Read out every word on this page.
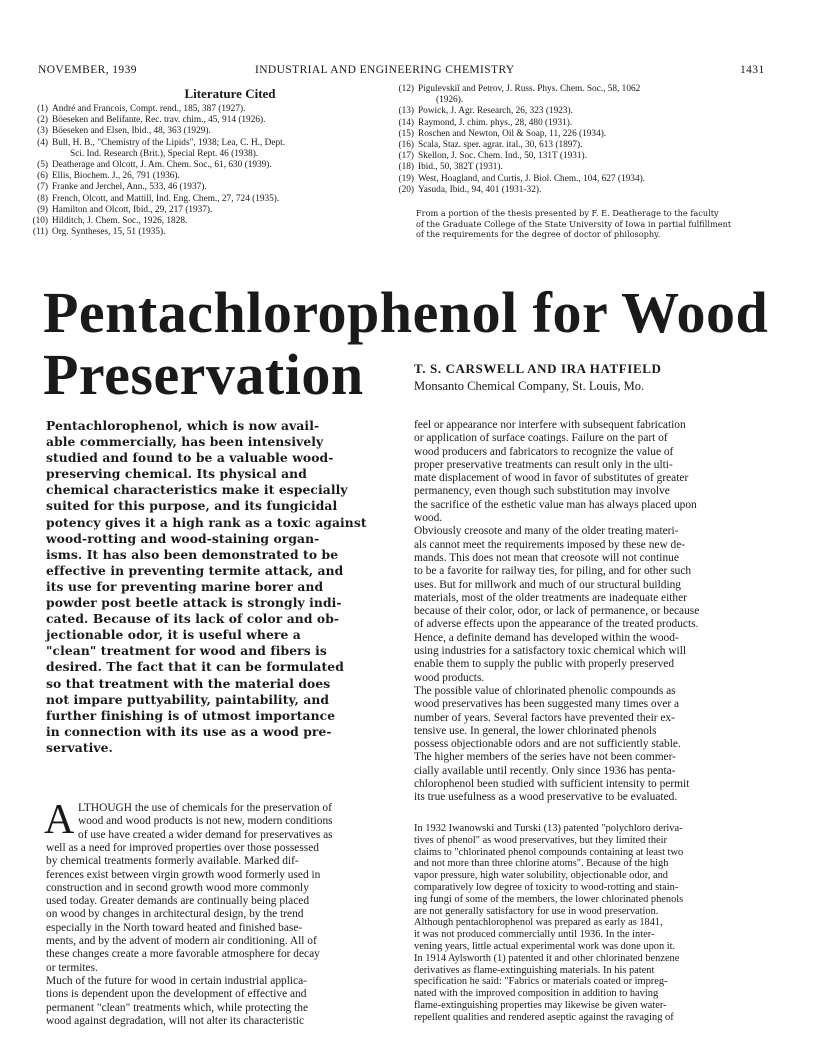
NOVEMBER, 1939	INDUSTRIAL AND ENGINEERING CHEMISTRY	1431
Literature Cited
(1) André and Francois, Compt. rend., 185, 387 (1927).
(2) Böeseken and Belifante, Rec. trav. chim., 45, 914 (1926).
(3) Böeseken and Elsen, Ibid., 48, 363 (1929).
(4) Bull, H. B., "Chemistry of the Lipids", 1938; Lea, C. H., Dept.
Sci. Ind. Research (Brit.), Special Rept. 46 (1938).
(5) Deatherage and Olcott, J. Am. Chem. Soc., 61, 630 (1939).
(6) Ellis, Biochem. J., 26, 791 (1936).
(7) Franke and Jerchel, Ann., 533, 46 (1937).
(8) French, Olcott, and Mattill, Ind. Eng. Chem., 27, 724 (1935).
(9) Hamilton and Olcott, Ibid., 29, 217 (1937).
(10) Hilditch, J. Chem. Soc., 1926, 1828.
(11) Org. Syntheses, 15, 51 (1935).
(12) Pigulevskiĭ and Petrov, J. Russ. Phys. Chem. Soc., 58, 1062
(1926).
(13) Powick, J. Agr. Research, 26, 323 (1923).
(14) Raymond, J. chim. phys., 28, 480 (1931).
(15) Roschen and Newton, Oil & Soap, 11, 226 (1934).
(16) Scala, Staz. sper. agrar. ital., 30, 613 (1897).
(17) Skellon, J. Soc. Chem. Ind., 50, 131T (1931).
(18) Ibid., 50, 382T (1931).
(19) West, Hoagland, and Curtis, J. Biol. Chem., 104, 627 (1934).
(20) Yasuda, Ibid., 94, 401 (1931-32).
From a portion of the thesis presented by F. E. Deatherage to the faculty
of the Graduate College of the State University of Iowa in partial fulfillment
of the requirements for the degree of doctor of philosophy.
Pentachlorophenol for Wood
Preservation	T. S. CARSWELL AND IRA HATFIELD
Monsanto Chemical Company, St. Louis, Mo.
Pentachlorophenol, which is now avail-
able commercially, has been intensively
studied and found to be a valuable wood-
preserving chemical. Its physical and
chemical characteristics make it especially
suited for this purpose, and its fungicidal
potency gives it a high rank as a toxic against
wood-rotting and wood-staining organ-
isms. It has also been demonstrated to be
effective in preventing termite attack, and
its use for preventing marine borer and
powder post beetle attack is strongly indi-
cated. Because of its lack of color and ob-
jectionable odor, it is useful where a
"clean" treatment for wood and fibers is
desired. The fact that it can be formulated
so that treatment with the material does
not impare puttyability, paintability, and
further finishing is of utmost importance
in connection with its use as a wood pre-
servative.
A LTHOUGH the use of chemicals for the preservation of
wood and wood products is not new, modern conditions
of use have created a wider demand for preservatives as
well as a need for improved properties over those possessed
by chemical treatments formerly available. Marked dif-
ferences exist between virgin growth wood formerly used in
construction and in second growth wood more commonly
used today. Greater demands are continually being placed
on wood by changes in architectural design, by the trend
especially in the North toward heated and finished base-
ments, and by the advent of modern air conditioning. All of
these changes create a more favorable atmosphere for decay
or termites.
Much of the future for wood in certain industrial applica-
tions is dependent upon the development of effective and
permanent "clean" treatments which, while protecting the
wood against degradation, will not alter its characteristic
feel or appearance nor interfere with subsequent fabrication
or application of surface coatings. Failure on the part of
wood producers and fabricators to recognize the value of
proper preservative treatments can result only in the ulti-
mate displacement of wood in favor of substitutes of greater
permanency, even though such substitution may involve
the sacrifice of the esthetic value man has always placed upon
wood.
Obviously creosote and many of the older treating materi-
als cannot meet the requirements imposed by these new de-
mands. This does not mean that creosote will not continue
to be a favorite for railway ties, for piling, and for other such
uses. But for millwork and much of our structural building
materials, most of the older treatments are inadequate either
because of their color, odor, or lack of permanence, or because
of adverse effects upon the appearance of the treated products.
Hence, a definite demand has developed within the wood-
using industries for a satisfactory toxic chemical which will
enable them to supply the public with properly preserved
wood products.
The possible value of chlorinated phenolic compounds as
wood preservatives has been suggested many times over a
number of years. Several factors have prevented their ex-
tensive use. In general, the lower chlorinated phenols
possess objectionable odors and are not sufficiently stable.
The higher members of the series have not been commer-
cially available until recently. Only since 1936 has penta-
chlorophenol been studied with sufficient intensity to permit
its true usefulness as a wood preservative to be evaluated.
In 1932 Iwanowski and Turski (13) patented "polychloro deriva-
tives of phenol" as wood preservatives, but they limited their
claims to "chlorinated phenol compounds containing at least two
and not more than three chlorine atoms". Because of the high
vapor pressure, high water solubility, objectionable odor, and
comparatively low degree of toxicity to wood-rotting and stain-
ing fungi of some of the members, the lower chlorinated phenols
are not generally satisfactory for use in wood preservation.
Although pentachlorophenol was prepared as early as 1841,
it was not produced commercially until 1936. In the inter-
vening years, little actual experimental work was done upon it.
In 1914 Aylsworth (1) patented it and other chlorinated benzene
derivatives as flame-extinguishing materials. In his patent
specification he said: "Fabrics or materials coated or impreg-
nated with the improved composition in addition to having
flame-extinguishing properties may likewise be given water-
repellent qualities and rendered aseptic against the ravaging of
